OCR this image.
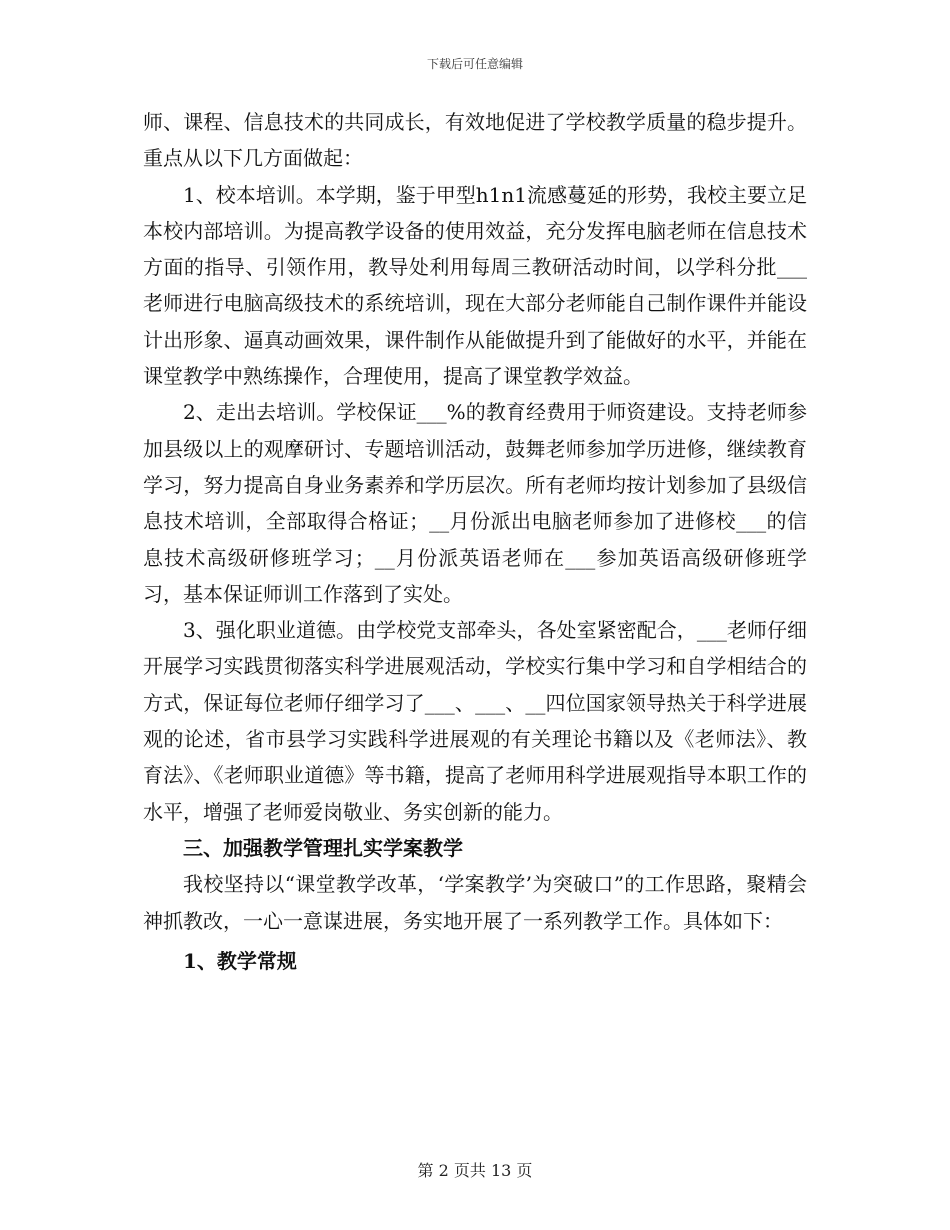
下载后可任意编辑

师、课程、信息技术的共同成长，有效地促进了学校教学质量的稳步提升。重点从以下几方面做起：

1、校本培训。本学期，鉴于甲型h1n1流感蔓延的形势，我校主要立足本校内部培训。为提高教学设备的使用效益，充分发挥电脑老师在信息技术方面的指导、引领作用，教导处利用每周三教研活动时间，以学科分批___老师进行电脑高级技术的系统培训，现在大部分老师能自己制作课件并能设计出形象、逼真动画效果，课件制作从能做提升到了能做好的水平，并能在课堂教学中熟练操作，合理使用，提高了课堂教学效益。

2、走出去培训。学校保证___%的教育经费用于师资建设。支持老师参加县级以上的观摩研讨、专题培训活动，鼓舞老师参加学历进修，继续教育学习，努力提高自身业务素养和学历层次。所有老师均按计划参加了县级信息技术培训，全部取得合格证；__月份派出电脑老师参加了进修校___的信息技术高级研修班学习；__月份派英语老师在___参加英语高级研修班学习，基本保证师训工作落到了实处。

3、强化职业道德。由学校党支部牵头，各处室紧密配合，___老师仔细开展学习实践贯彻落实科学进展观活动，学校实行集中学习和自学相结合的方式，保证每位老师仔细学习了___、___、__四位国家领导热关于科学进展观的论述，省市县学习实践科学进展观的有关理论书籍以及《老师法》、教育法》、《老师职业道德》等书籍，提高了老师用科学进展观指导本职工作的水平，增强了老师爱岗敬业、务实创新的能力。

三、加强教学管理扎实学案教学

我校坚持以“课堂教学改革，‘学案教学’为突破口”的工作思路，聚精会神抓教改，一心一意谋进展，务实地开展了一系列教学工作。具体如下：

1、教学常规
第 2 页共 13 页
